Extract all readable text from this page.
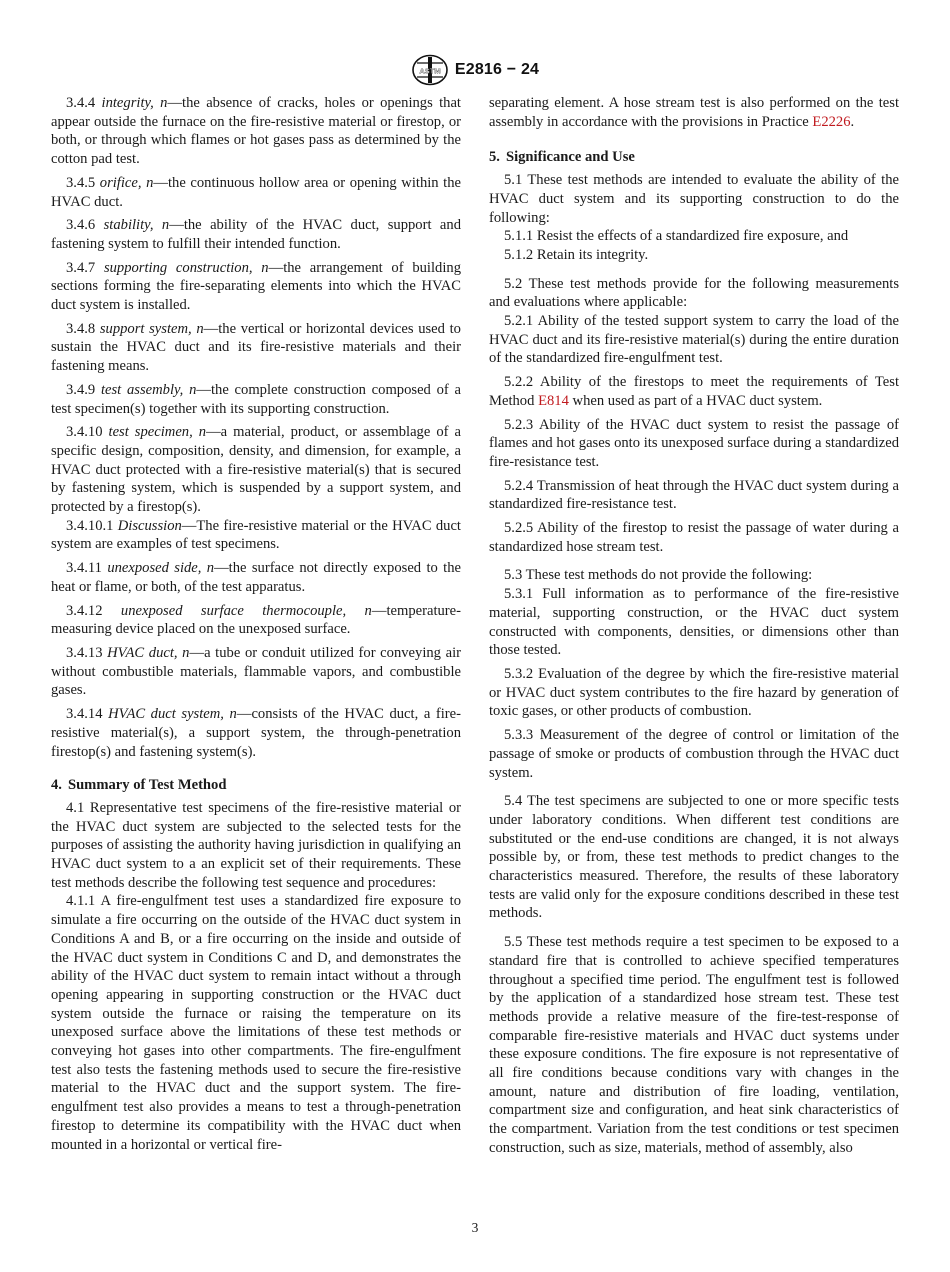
ASTM E2816 − 24

3.4.4 integrity, n—the absence of cracks, holes or openings that appear outside the furnace on the fire-resistive material or firestop, or both, or through which flames or hot gases pass as determined by the cotton pad test.

3.4.5 orifice, n—the continuous hollow area or opening within the HVAC duct.

3.4.6 stability, n—the ability of the HVAC duct, support and fastening system to fulfill their intended function.

3.4.7 supporting construction, n—the arrangement of building sections forming the fire-separating elements into which the HVAC duct system is installed.

3.4.8 support system, n—the vertical or horizontal devices used to sustain the HVAC duct and its fire-resistive materials and their fastening means.

3.4.9 test assembly, n—the complete construction composed of a test specimen(s) together with its supporting construction.

3.4.10 test specimen, n—a material, product, or assemblage of a specific design, composition, density, and dimension, for example, a HVAC duct protected with a fire-resistive material(s) that is secured by fastening system, which is suspended by a support system, and protected by a firestop(s).

3.4.10.1 Discussion—The fire-resistive material or the HVAC duct system are examples of test specimens.

3.4.11 unexposed side, n—the surface not directly exposed to the heat or flame, or both, of the test apparatus.

3.4.12 unexposed surface thermocouple, n—temperature-measuring device placed on the unexposed surface.

3.4.13 HVAC duct, n—a tube or conduit utilized for conveying air without combustible materials, flammable vapors, and combustible gases.

3.4.14 HVAC duct system, n—consists of the HVAC duct, a fire-resistive material(s), a support system, the through-penetration firestop(s) and fastening system(s).

4. Summary of Test Method

4.1 Representative test specimens of the fire-resistive material or the HVAC duct system are subjected to the selected tests for the purposes of assisting the authority having jurisdiction in qualifying an HVAC duct system to a an explicit set of their requirements. These test methods describe the following test sequence and procedures:

4.1.1 A fire-engulfment test uses a standardized fire exposure to simulate a fire occurring on the outside of the HVAC duct system in Conditions A and B, or a fire occurring on the inside and outside of the HVAC duct system in Conditions C and D, and demonstrates the ability of the HVAC duct system to remain intact without a through opening appearing in supporting construction or the HVAC duct system outside the furnace or raising the temperature on its unexposed surface above the limitations of these test methods or conveying hot gases into other compartments. The fire-engulfment test also tests the fastening methods used to secure the fire-resistive material to the HVAC duct and the support system. The fire-engulfment test also provides a means to test a through-penetration firestop to determine its compatibility with the HVAC duct when mounted in a horizontal or vertical fire-

separating element. A hose stream test is also performed on the test assembly in accordance with the provisions in Practice E2226.

5. Significance and Use

5.1 These test methods are intended to evaluate the ability of the HVAC duct system and its supporting construction to do the following:

5.1.1 Resist the effects of a standardized fire exposure, and

5.1.2 Retain its integrity.

5.2 These test methods provide for the following measurements and evaluations where applicable:

5.2.1 Ability of the tested support system to carry the load of the HVAC duct and its fire-resistive material(s) during the entire duration of the standardized fire-engulfment test.

5.2.2 Ability of the firestops to meet the requirements of Test Method E814 when used as part of a HVAC duct system.

5.2.3 Ability of the HVAC duct system to resist the passage of flames and hot gases onto its unexposed surface during a standardized fire-resistance test.

5.2.4 Transmission of heat through the HVAC duct system during a standardized fire-resistance test.

5.2.5 Ability of the firestop to resist the passage of water during a standardized hose stream test.

5.3 These test methods do not provide the following:

5.3.1 Full information as to performance of the fire-resistive material, supporting construction, or the HVAC duct system constructed with components, densities, or dimensions other than those tested.

5.3.2 Evaluation of the degree by which the fire-resistive material or HVAC duct system contributes to the fire hazard by generation of toxic gases, or other products of combustion.

5.3.3 Measurement of the degree of control or limitation of the passage of smoke or products of combustion through the HVAC duct system.

5.4 The test specimens are subjected to one or more specific tests under laboratory conditions. When different test conditions are substituted or the end-use conditions are changed, it is not always possible by, or from, these test methods to predict changes to the characteristics measured. Therefore, the results of these laboratory tests are valid only for the exposure conditions described in these test methods.

5.5 These test methods require a test specimen to be exposed to a standard fire that is controlled to achieve specified temperatures throughout a specified time period. The engulfment test is followed by the application of a standardized hose stream test. These test methods provide a relative measure of the fire-test-response of comparable fire-resistive materials and HVAC duct systems under these exposure conditions. The fire exposure is not representative of all fire conditions because conditions vary with changes in the amount, nature and distribution of fire loading, ventilation, compartment size and configuration, and heat sink characteristics of the compartment. Variation from the test conditions or test specimen construction, such as size, materials, method of assembly, also

3
